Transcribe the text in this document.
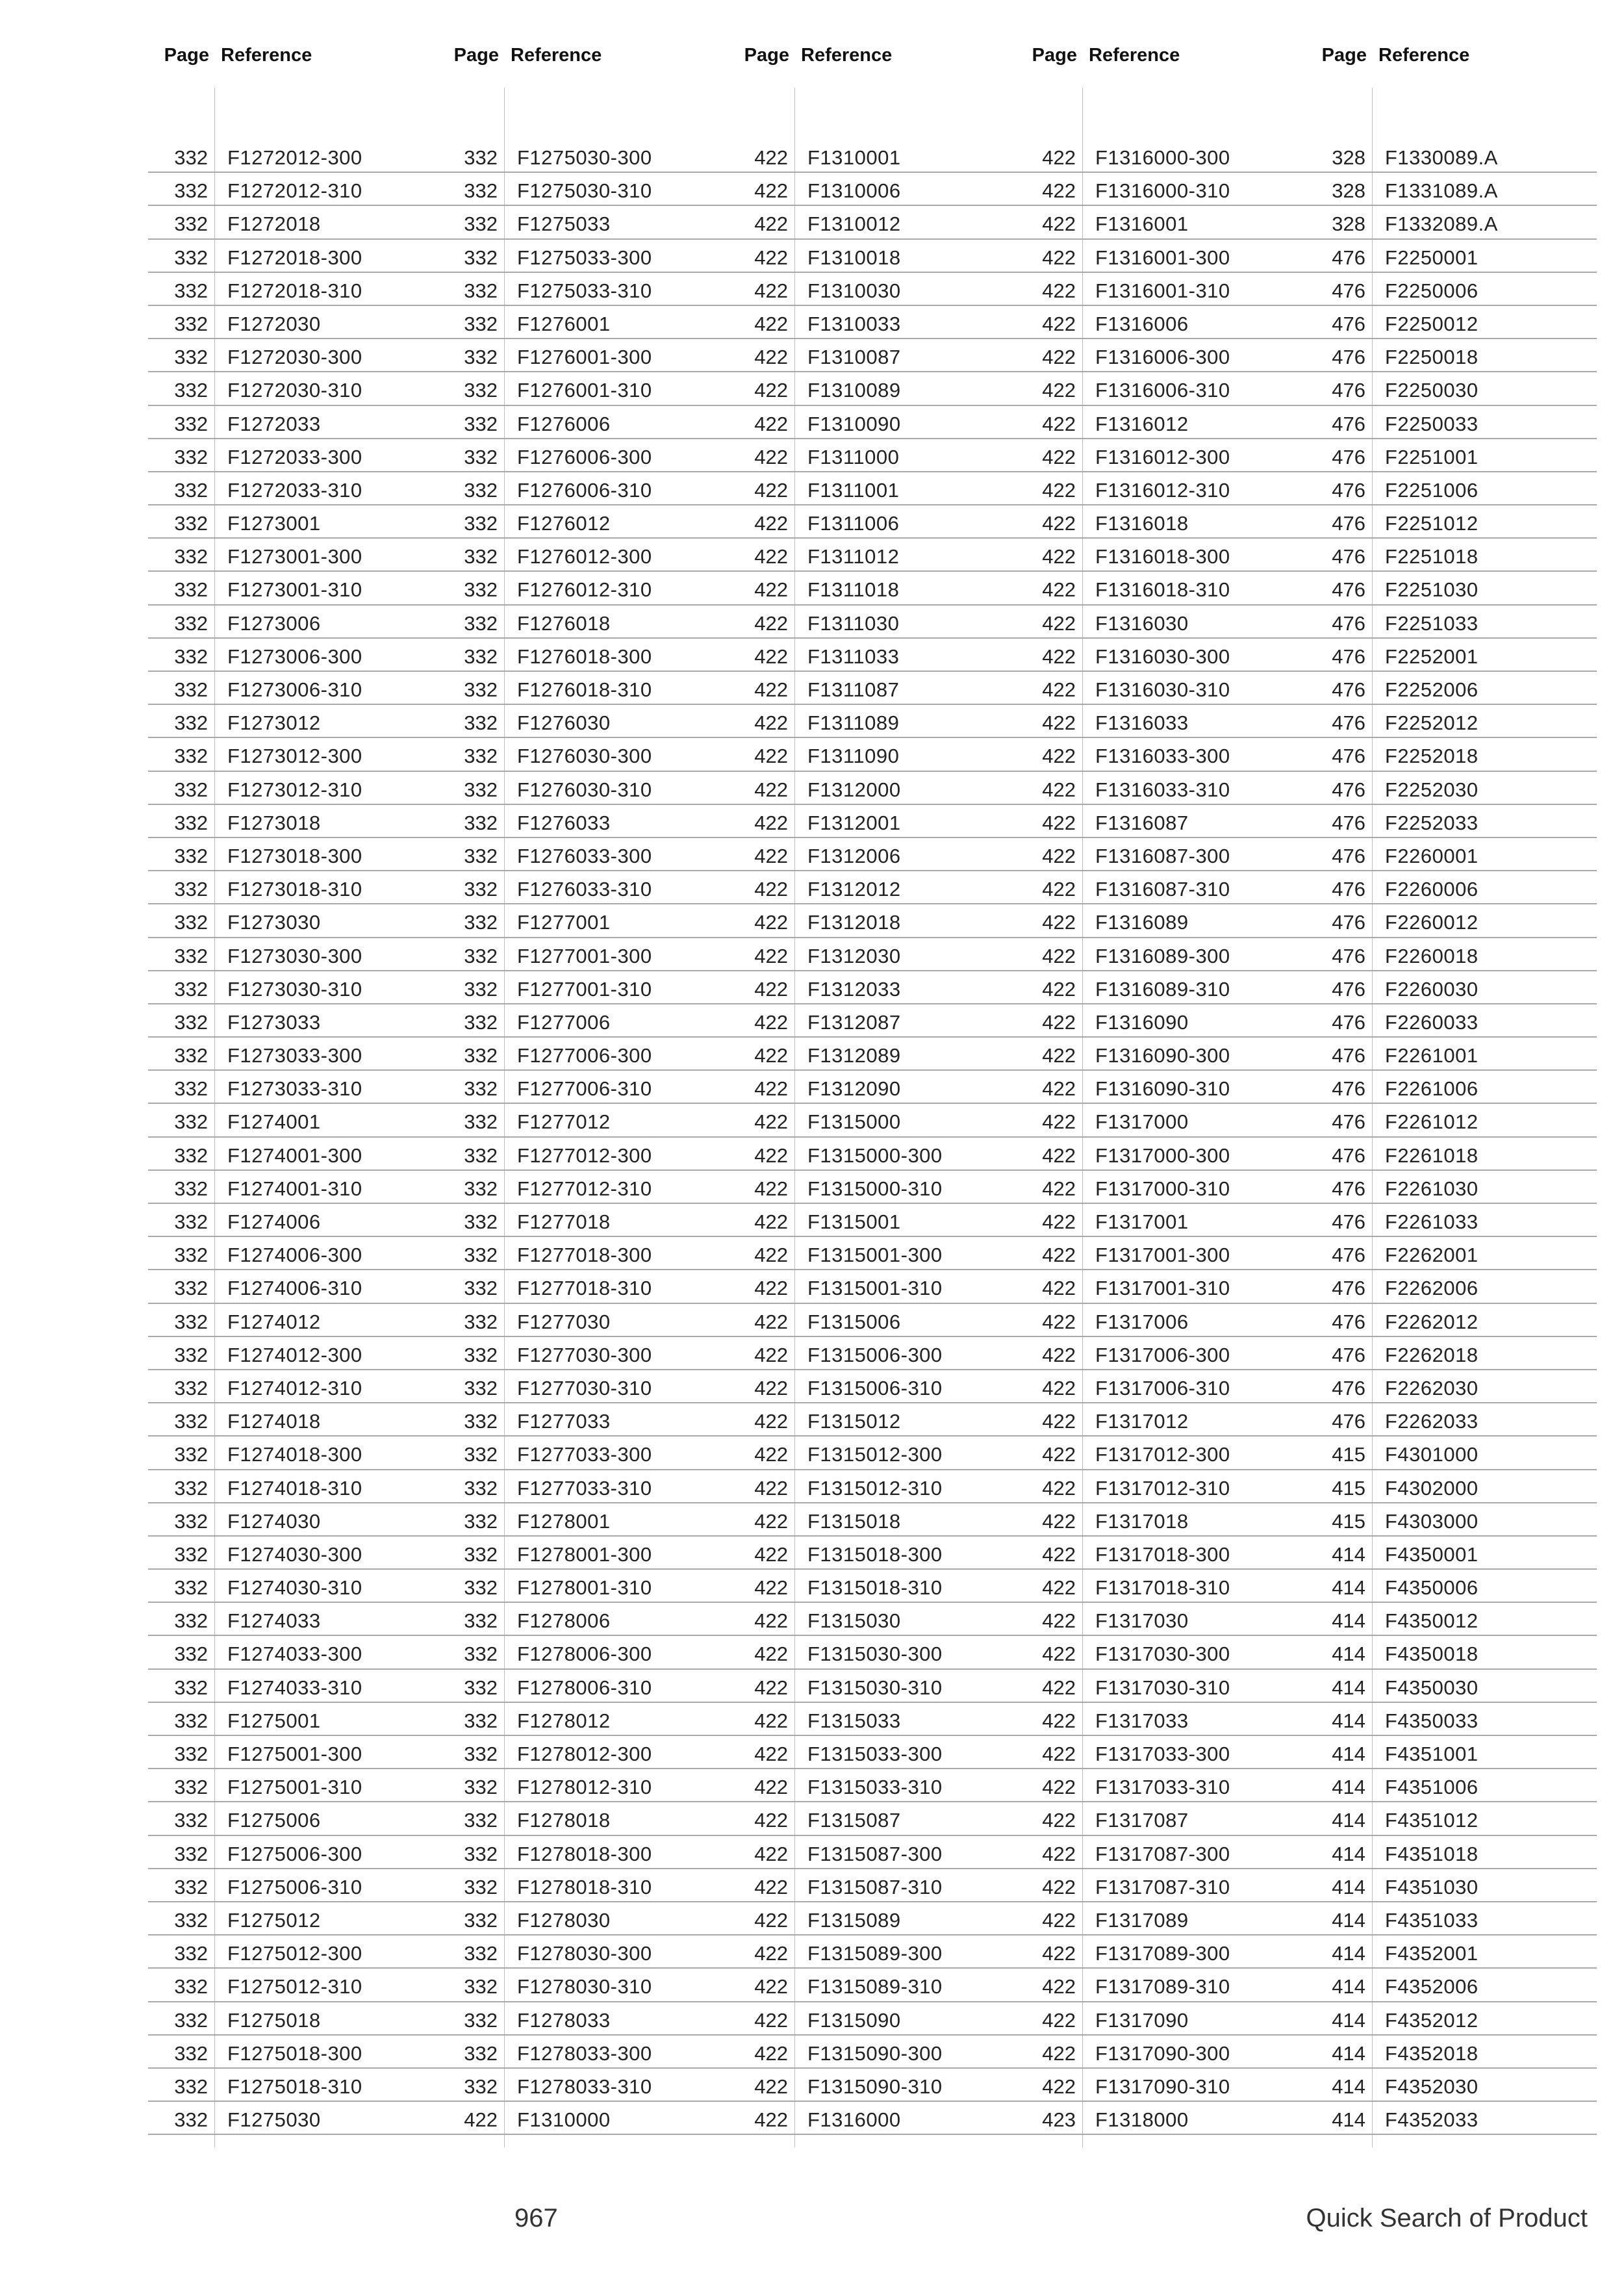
Page Reference
332 F1272012-300
332 F1272012-310
332 F1272018
332 F1272018-300
332 F1272018-310
332 F1272030
332 F1272030-300
332 F1272030-310
332 F1272033
332 F1272033-300
332 F1272033-310
332 F1273001
332 F1273001-300
332 F1273001-310
332 F1273006
332 F1273006-300
332 F1273006-310
332 F1273012
332 F1273012-300
332 F1273012-310
332 F1273018
332 F1273018-300
332 F1273018-310
332 F1273030
332 F1273030-300
332 F1273030-310
332 F1273033
332 F1273033-300
332 F1273033-310
332 F1274001
332 F1274001-300
332 F1274001-310
332 F1274006
332 F1274006-300
332 F1274006-310
332 F1274012
332 F1274012-300
332 F1274012-310
332 F1274018
332 F1274018-300
332 F1274018-310
332 F1274030
332 F1274030-300
332 F1274030-310
332 F1274033
332 F1274033-300
332 F1274033-310
332 F1275001
332 F1275001-300
332 F1275001-310
332 F1275006
332 F1275006-300
332 F1275006-310
332 F1275012
332 F1275012-300
332 F1275012-310
332 F1275018
332 F1275018-300
332 F1275018-310
332 F1275030
Page Reference
332 F1275030-300
332 F1275030-310
332 F1275033
332 F1275033-300
332 F1275033-310
332 F1276001
332 F1276001-300
332 F1276001-310
332 F1276006
332 F1276006-300
332 F1276006-310
332 F1276012
332 F1276012-300
332 F1276012-310
332 F1276018
332 F1276018-300
332 F1276018-310
332 F1276030
332 F1276030-300
332 F1276030-310
332 F1276033
332 F1276033-300
332 F1276033-310
332 F1277001
332 F1277001-300
332 F1277001-310
332 F1277006
332 F1277006-300
332 F1277006-310
332 F1277012
332 F1277012-300
332 F1277012-310
332 F1277018
332 F1277018-300
332 F1277018-310
332 F1277030
332 F1277030-300
332 F1277030-310
332 F1277033
332 F1277033-300
332 F1277033-310
332 F1278001
332 F1278001-300
332 F1278001-310
332 F1278006
332 F1278006-300
332 F1278006-310
332 F1278012
332 F1278012-300
332 F1278012-310
332 F1278018
332 F1278018-300
332 F1278018-310
332 F1278030
332 F1278030-300
332 F1278030-310
332 F1278033
332 F1278033-300
332 F1278033-310
422 F1310000
Page Reference
422 F1310001
422 F1310006
422 F1310012
422 F1310018
422 F1310030
422 F1310033
422 F1310087
422 F1310089
422 F1310090
422 F1311000
422 F1311001
422 F1311006
422 F1311012
422 F1311018
422 F1311030
422 F1311033
422 F1311087
422 F1311089
422 F1311090
422 F1312000
422 F1312001
422 F1312006
422 F1312012
422 F1312018
422 F1312030
422 F1312033
422 F1312087
422 F1312089
422 F1312090
422 F1315000
422 F1315000-300
422 F1315000-310
422 F1315001
422 F1315001-300
422 F1315001-310
422 F1315006
422 F1315006-300
422 F1315006-310
422 F1315012
422 F1315012-300
422 F1315012-310
422 F1315018
422 F1315018-300
422 F1315018-310
422 F1315030
422 F1315030-300
422 F1315030-310
422 F1315033
422 F1315033-300
422 F1315033-310
422 F1315087
422 F1315087-300
422 F1315087-310
422 F1315089
422 F1315089-300
422 F1315089-310
422 F1315090
422 F1315090-300
422 F1315090-310
422 F1316000
Page Reference
422 F1316000-300
422 F1316000-310
422 F1316001
422 F1316001-300
422 F1316001-310
422 F1316006
422 F1316006-300
422 F1316006-310
422 F1316012
422 F1316012-300
422 F1316012-310
422 F1316018
422 F1316018-300
422 F1316018-310
422 F1316030
422 F1316030-300
422 F1316030-310
422 F1316033
422 F1316033-300
422 F1316033-310
422 F1316087
422 F1316087-300
422 F1316087-310
422 F1316089
422 F1316089-300
422 F1316089-310
422 F1316090
422 F1316090-300
422 F1316090-310
422 F1317000
422 F1317000-300
422 F1317000-310
422 F1317001
422 F1317001-300
422 F1317001-310
422 F1317006
422 F1317006-300
422 F1317006-310
422 F1317012
422 F1317012-300
422 F1317012-310
422 F1317018
422 F1317018-300
422 F1317018-310
422 F1317030
422 F1317030-300
422 F1317030-310
422 F1317033
422 F1317033-300
422 F1317033-310
422 F1317087
422 F1317087-300
422 F1317087-310
422 F1317089
422 F1317089-300
422 F1317089-310
422 F1317090
422 F1317090-300
422 F1317090-310
423 F1318000
Page Reference
328 F1330089.A
328 F1331089.A
328 F1332089.A
476 F2250001
476 F2250006
476 F2250012
476 F2250018
476 F2250030
476 F2250033
476 F2251001
476 F2251006
476 F2251012
476 F2251018
476 F2251030
476 F2251033
476 F2252001
476 F2252006
476 F2252012
476 F2252018
476 F2252030
476 F2252033
476 F2260001
476 F2260006
476 F2260012
476 F2260018
476 F2260030
476 F2260033
476 F2261001
476 F2261006
476 F2261012
476 F2261018
476 F2261030
476 F2261033
476 F2262001
476 F2262006
476 F2262012
476 F2262018
476 F2262030
476 F2262033
415 F4301000
415 F4302000
415 F4303000
414 F4350001
414 F4350006
414 F4350012
414 F4350018
414 F4350030
414 F4350033
414 F4351001
414 F4351006
414 F4351012
414 F4351018
414 F4351030
414 F4351033
414 F4352001
414 F4352006
414 F4352012
414 F4352018
414 F4352030
414 F4352033
967	Quick Search of Product
